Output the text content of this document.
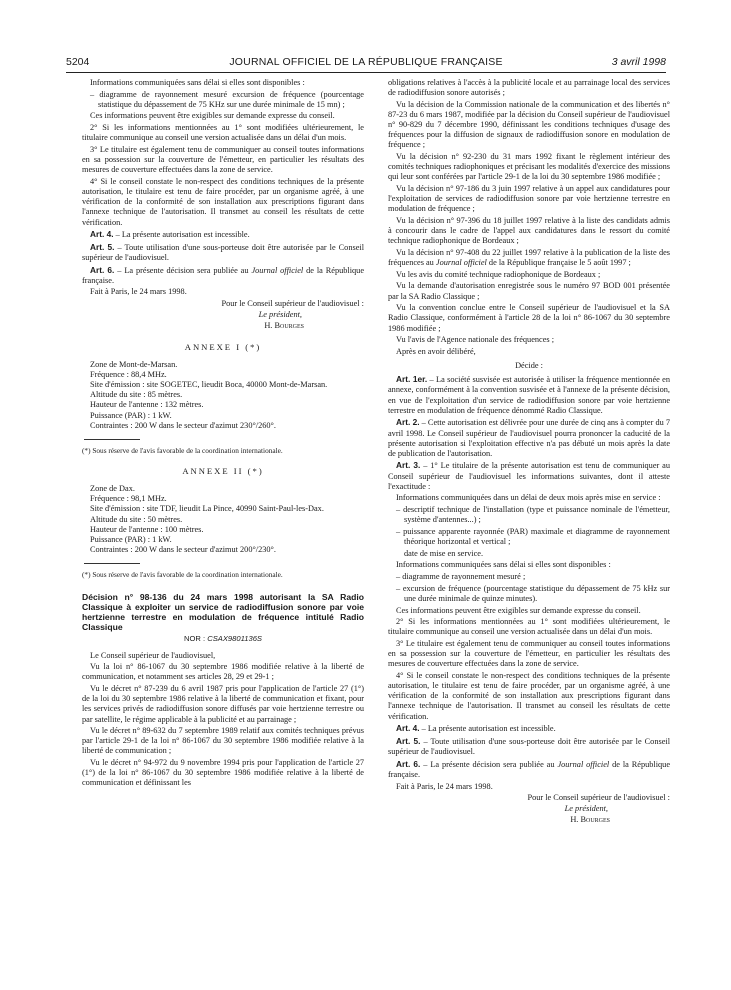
5204	JOURNAL OFFICIEL DE LA RÉPUBLIQUE FRANÇAISE	3 avril 1998

Informations communiquées sans délai si elles sont disponibles :

– diagramme de rayonnement mesuré excursion de fréquence (pourcentage statistique du dépassement de 75 KHz sur une durée minimale de 15 mn) ;

Ces informations peuvent être exigibles sur demande expresse du conseil.

2° Si les informations mentionnées au 1° sont modifiées ultérieurement, le titulaire communique au conseil une version actualisée dans un délai d'un mois.

3° Le titulaire est également tenu de communiquer au conseil toutes informations en sa possession sur la couverture de l'émetteur, en particulier les résultats des mesures de couverture effectuées dans la zone de service.

4° Si le conseil constate le non-respect des conditions techniques de la présente autorisation, le titulaire est tenu de faire procéder, par un organisme agréé, à une vérification de la conformité de son installation aux prescriptions figurant dans l'annexe technique de l'autorisation. Il transmet au conseil les résultats de cette vérification.

Art. 4. – La présente autorisation est incessible.

Art. 5. – Toute utilisation d'une sous-porteuse doit être autorisée par le Conseil supérieur de l'audiovisuel.

Art. 6. – La présente décision sera publiée au Journal officiel de la République française.

Fait à Paris, le 24 mars 1998.

Pour le Conseil supérieur de l'audiovisuel :

Le président,

H. Bourges

ANNEXE I (*)

Zone de Mont-de-Marsan.

Fréquence : 88,4 MHz.

Site d'émission : site SOGETEC, lieudit Boca, 40000 Mont-de-Marsan.

Altitude du site : 85 mètres.

Hauteur de l'antenne : 132 mètres.

Puissance (PAR) : 1 kW.

Contraintes : 200 W dans le secteur d'azimut 230°/260°.

(*) Sous réserve de l'avis favorable de la coordination internationale.

ANNEXE II (*)

Zone de Dax.

Fréquence : 98,1 MHz.

Site d'émission : site TDF, lieudit La Pince, 40990 Saint-Paul-les-Dax.

Altitude du site : 50 mètres.

Hauteur de l'antenne : 100 mètres.

Puissance (PAR) : 1 kW.

Contraintes : 200 W dans le secteur d'azimut 200°/230°.

(*) Sous réserve de l'avis favorable de la coordination internationale.

Décision n° 98-136 du 24 mars 1998 autorisant la SA Radio Classique à exploiter un service de radiodiffusion sonore par voie hertzienne terrestre en modulation de fréquence intitulé Radio Classique
NOR : CSAX9801136S

Le Conseil supérieur de l'audiovisuel,

Vu la loi n° 86-1067 du 30 septembre 1986 modifiée relative à la liberté de communication, et notamment ses articles 28, 29 et 29-1 ;

Vu le décret n° 87-239 du 6 avril 1987 pris pour l'application de l'article 27 (1°) de la loi du 30 septembre 1986 relative à la liberté de communication et fixant, pour les services privés de radiodiffusion sonore diffusés par voie hertzienne terrestre ou par satellite, le régime applicable à la publicité et au parrainage ;

Vu le décret n° 89-632 du 7 septembre 1989 relatif aux comités techniques prévus par l'article 29-1 de la loi n° 86-1067 du 30 septembre 1986 modifiée relative à la liberté de communication ;

Vu le décret n° 94-972 du 9 novembre 1994 pris pour l'application de l'article 27 (1°) de la loi n° 86-1067 du 30 septembre 1986 modifiée relative à la liberté de communication et définissant les

obligations relatives à l'accès à la publicité locale et au parrainage local des services de radiodiffusion sonore autorisés ;

Vu la décision de la Commission nationale de la communication et des libertés n° 87-23 du 6 mars 1987, modifiée par la décision du Conseil supérieur de l'audiovisuel n° 90-829 du 7 décembre 1990, définissant les conditions techniques d'usage des fréquences pour la diffusion de signaux de radiodiffusion sonore en modulation de fréquence ;

Vu la décision n° 92-230 du 31 mars 1992 fixant le règlement intérieur des comités techniques radiophoniques et précisant les modalités d'exercice des missions qui leur sont conférées par l'article 29-1 de la loi du 30 septembre 1986 modifiée ;

Vu la décision n° 97-186 du 3 juin 1997 relative à un appel aux candidatures pour l'exploitation de services de radiodiffusion sonore par voie hertzienne terrestre en modulation de fréquence ;

Vu la décision n° 97-396 du 18 juillet 1997 relative à la liste des candidats admis à concourir dans le cadre de l'appel aux candidatures dans le ressort du comité technique radiophonique de Bordeaux ;

Vu la décision n° 97-408 du 22 juillet 1997 relative à la publication de la liste des fréquences au Journal officiel de la République française le 5 août 1997 ;

Vu les avis du comité technique radiophonique de Bordeaux ;

Vu la demande d'autorisation enregistrée sous le numéro 97 BOD 001 présentée par la SA Radio Classique ;

Vu la convention conclue entre le Conseil supérieur de l'audiovisuel et la SA Radio Classique, conformément à l'article 28 de la loi n° 86-1067 du 30 septembre 1986 modifiée ;

Vu l'avis de l'Agence nationale des fréquences ;

Après en avoir délibéré,

Décide :

Art. 1er. – La société susvisée est autorisée à utiliser la fréquence mentionnée en annexe, conformément à la convention susvisée et à l'annexe de la présente décision, en vue de l'exploitation d'un service de radiodiffusion sonore par voie hertzienne terrestre en modulation de fréquence dénommé Radio Classique.

Art. 2. – Cette autorisation est délivrée pour une durée de cinq ans à compter du 7 avril 1998. Le Conseil supérieur de l'audiovisuel pourra prononcer la caducité de la présente autorisation si l'exploitation effective n'a pas débuté un mois après la date de publication de l'autorisation.

Art. 3. – 1° Le titulaire de la présente autorisation est tenu de communiquer au Conseil supérieur de l'audiovisuel les informations suivantes, dont il atteste l'exactitude :

Informations communiquées dans un délai de deux mois après mise en service :

– descriptif technique de l'installation (type et puissance nominale de l'émetteur, système d'antennes...) ;

– puissance apparente rayonnée (PAR) maximale et diagramme de rayonnement théorique horizontal et vertical ;

date de mise en service.

Informations communiquées sans délai si elles sont disponibles :

– diagramme de rayonnement mesuré ;

– excursion de fréquence (pourcentage statistique du dépassement de 75 kHz sur une durée minimale de quinze minutes).

Ces informations peuvent être exigibles sur demande expresse du conseil.

2° Si les informations mentionnées au 1° sont modifiées ultérieurement, le titulaire communique au conseil une version actualisée dans un délai d'un mois.

3° Le titulaire est également tenu de communiquer au conseil toutes informations en sa possession sur la couverture de l'émetteur, en particulier les résultats des mesures de couverture effectuées dans la zone de service.

4° Si le conseil constate le non-respect des conditions techniques de la présente autorisation, le titulaire est tenu de faire procéder, par un organisme agréé, à une vérification de la conformité de son installation aux prescriptions figurant dans l'annexe technique de l'autorisation. Il transmet au conseil les résultats de cette vérification.

Art. 4. – La présente autorisation est incessible.

Art. 5. – Toute utilisation d'une sous-porteuse doit être autorisée par le Conseil supérieur de l'audiovisuel.

Art. 6. – La présente décision sera publiée au Journal officiel de la République française.

Fait à Paris, le 24 mars 1998.

Pour le Conseil supérieur de l'audiovisuel :

Le président,

H. Bourges
